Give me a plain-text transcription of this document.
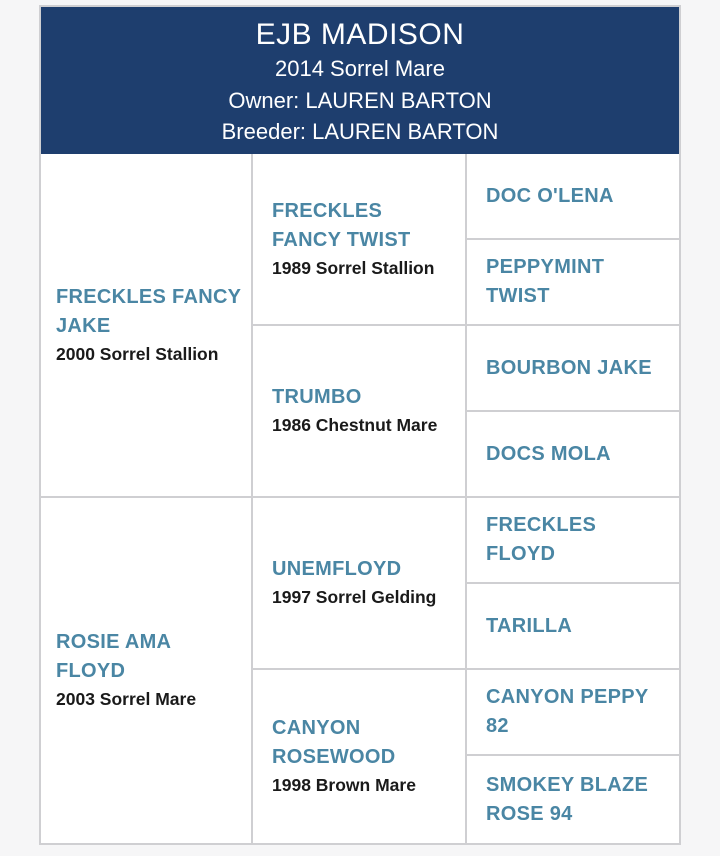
EJB MADISON
2014 Sorrel Mare
Owner: LAUREN BARTON
Breeder: LAUREN BARTON
FRECKLES FANCY JAKE
2000 Sorrel Stallion
ROSIE AMA FLOYD
2003 Sorrel Mare
FRECKLES FANCY TWIST
1989 Sorrel Stallion
TRUMBO
1986 Chestnut Mare
UNEMFLOYD
1997 Sorrel Gelding
CANYON ROSEWOOD
1998 Brown Mare
DOC O'LENA
PEPPYMINT TWIST
BOURBON JAKE
DOCS MOLA
FRECKLES FLOYD
TARILLA
CANYON PEPPY 82
SMOKEY BLAZE ROSE 94
